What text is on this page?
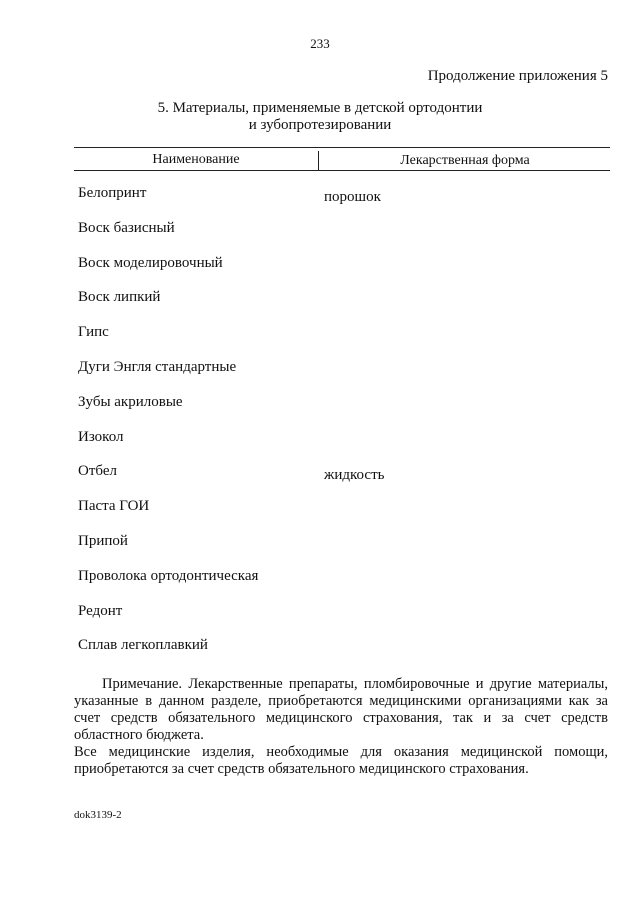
233
Продолжение приложения 5
5. Материалы, применяемые в детской ортодонтии
и зубопротезировании
Наименование	Лекарственная форма
Белопринт	порошок
Воск базисный
Воск моделировочный
Воск липкий
Гипс
Дуги Энгля стандартные
Зубы акриловые
Изокол
Отбел	жидкость
Паста ГОИ
Припой
Проволока ортодонтическая
Редонт
Сплав легкоплавкий

Примечание. Лекарственные препараты, пломбировочные и другие материалы, указанные в данном разделе, приобретаются медицинскими организациями как за счет средств обязательного медицинского страхования, так и за счет средств областного бюджета.

Все медицинские изделия, необходимые для оказания медицинской помощи, приобретаются за счет средств обязательного медицинского страхования.

dok3139-2
